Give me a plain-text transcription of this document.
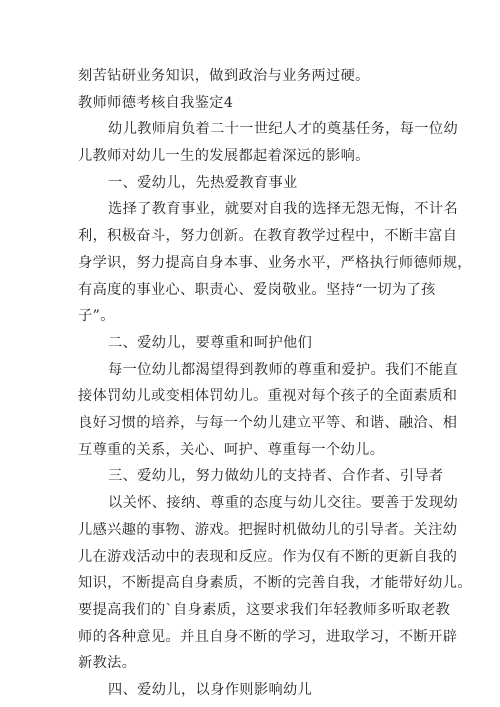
刻苦钻研业务知识，做到政治与业务两过硬。
教师师德考核自我鉴定4
幼儿教师肩负着二十一世纪人才的奠基任务，每一位幼
儿教师对幼儿一生的发展都起着深远的影响。
一、爱幼儿，先热爱教育事业
选择了教育事业，就要对自我的选择无怨无悔，不计名
利，积极奋斗，努力创新。在教育教学过程中，不断丰富自
身学识，努力提高自身本事、业务水平，严格执行师德师规，
有高度的事业心、职责心、爱岗敬业。坚持“一切为了孩
子”。
二、爱幼儿，要尊重和呵护他们
每一位幼儿都渴望得到教师的尊重和爱护。我们不能直
接体罚幼儿或变相体罚幼儿。重视对每个孩子的全面素质和
良好习惯的培养，与每一个幼儿建立平等、和谐、融洽、相
互尊重的关系，关心、呵护、尊重每一个幼儿。
三、爱幼儿，努力做幼儿的支持者、合作者、引导者
以关怀、接纳、尊重的态度与幼儿交往。要善于发现幼
儿感兴趣的事物、游戏。把握时机做幼儿的引导者。关注幼
儿在游戏活动中的表现和反应。作为仅有不断的更新自我的
知识，不断提高自身素质，不断的完善自我，才能带好幼儿。
要提高我们的`自身素质，这要求我们年轻教师多听取老教
师的各种意见。并且自身不断的学习，进取学习，不断开辟
新教法。
四、爱幼儿，以身作则影响幼儿
